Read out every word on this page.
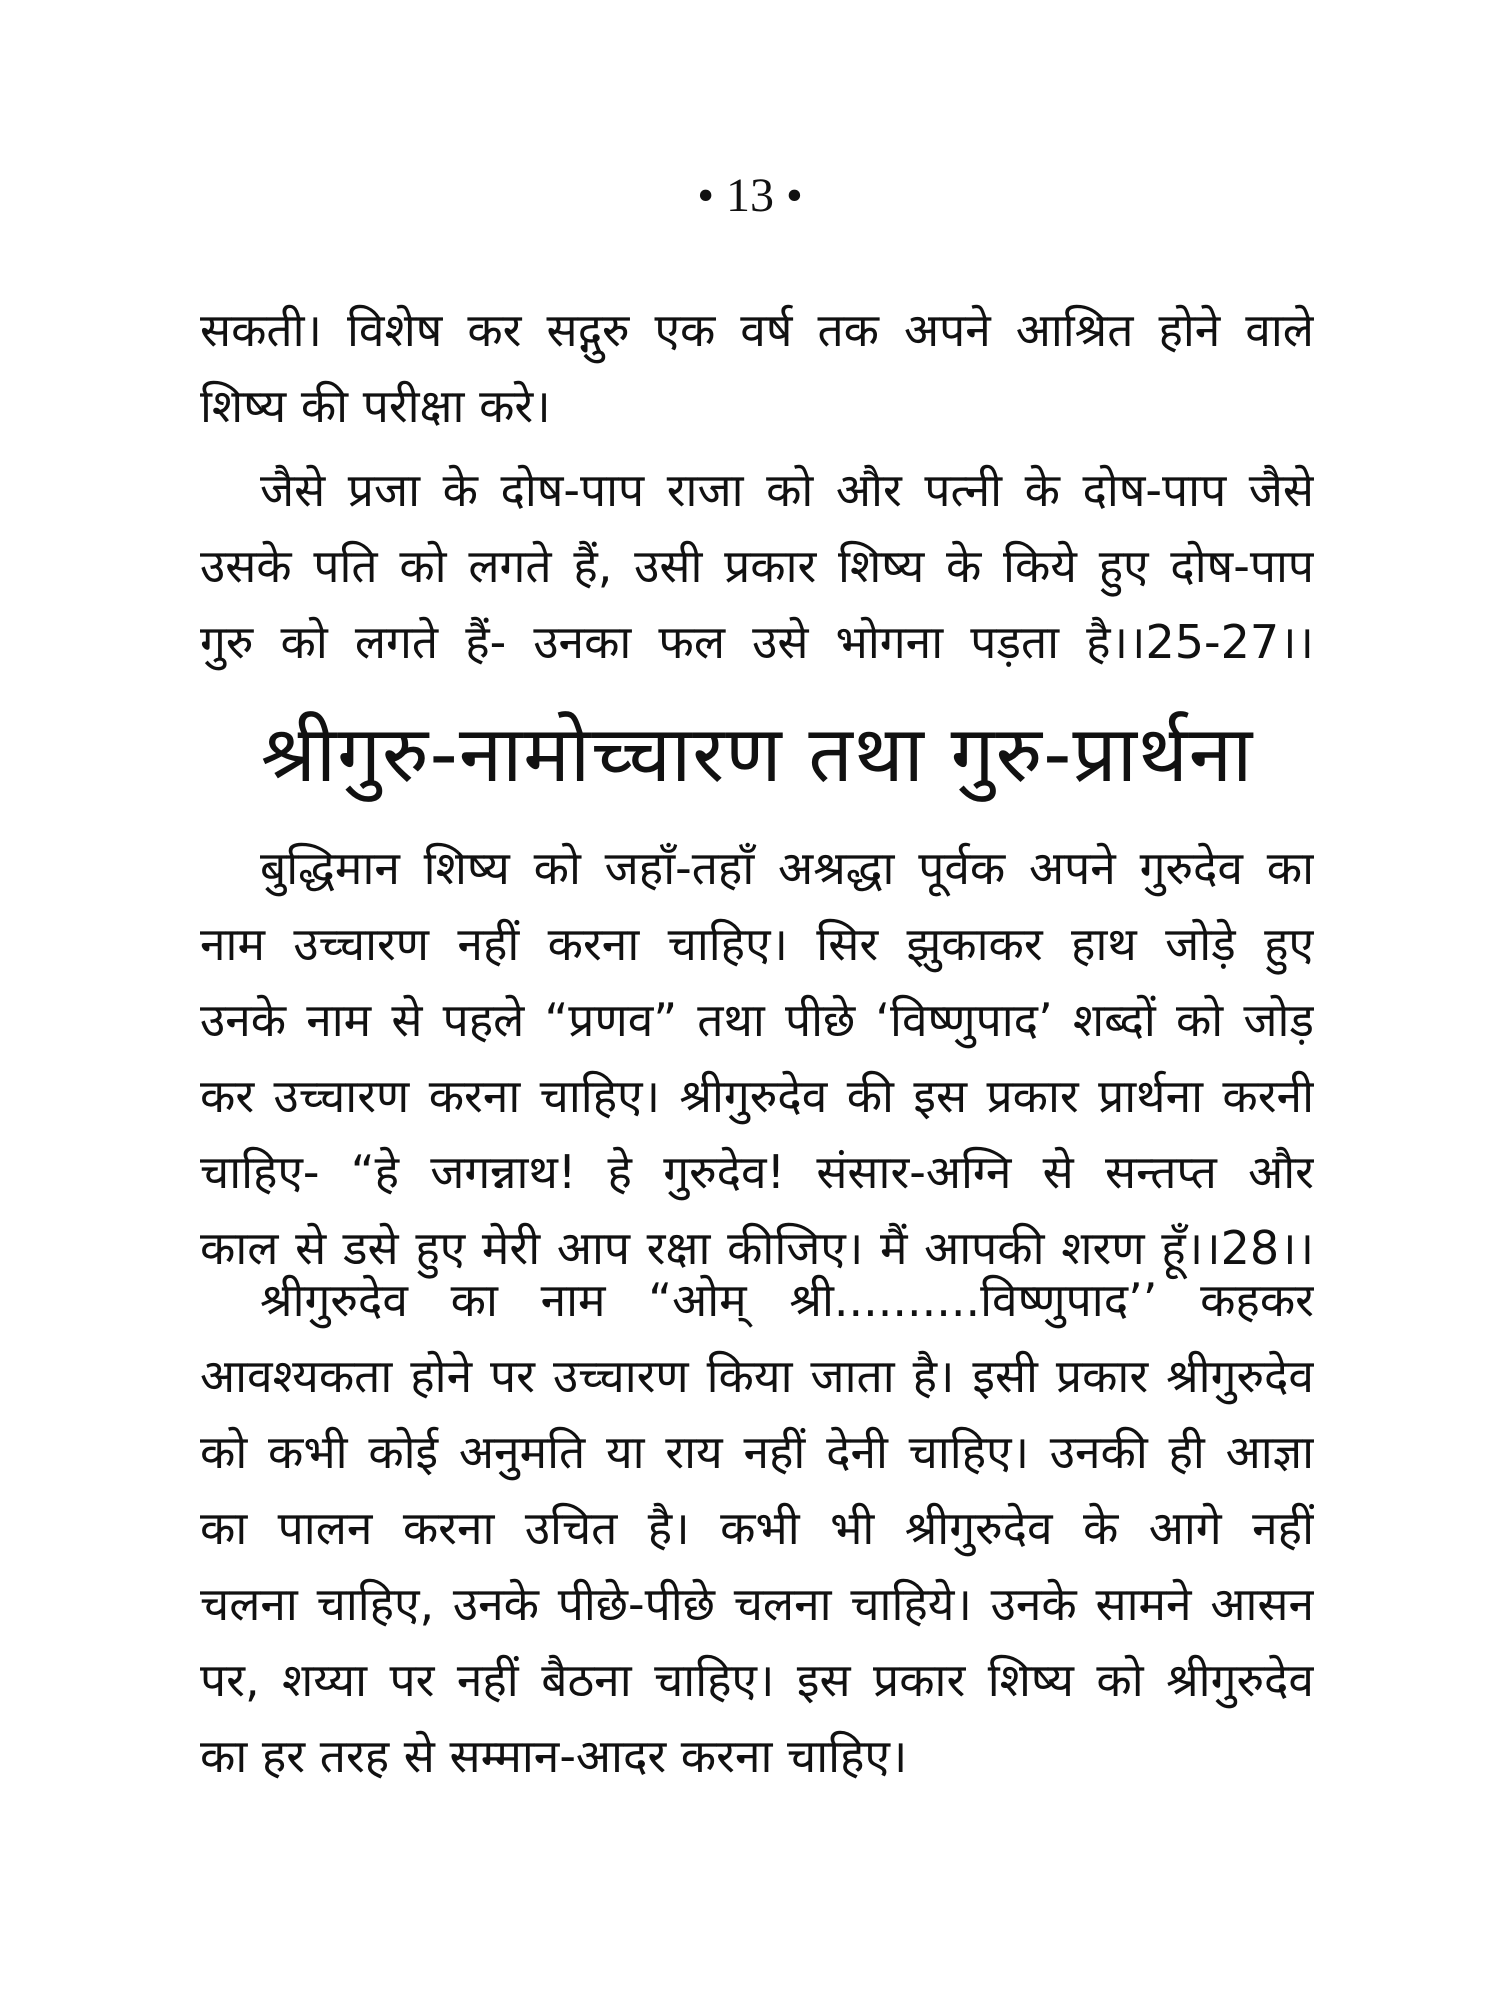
• 13 •
सकती। विशेष कर सद्गुरु एक वर्ष तक अपने आश्रित होने वाले
शिष्य की परीक्षा करे।
जैसे प्रजा के दोष-पाप राजा को और पत्नी के दोष-पाप जैसे
उसके पति को लगते हैं, उसी प्रकार शिष्य के किये हुए दोष-पाप
गुरु को लगते हैं- उनका फल उसे भोगना पड़ता है।।25-27।।
श्रीगुरु-नामोच्चारण तथा गुरु-प्रार्थना
बुद्धिमान शिष्य को जहाँ-तहाँ अश्रद्धा पूर्वक अपने गुरुदेव का
नाम उच्चारण नहीं करना चाहिए। सिर झुकाकर हाथ जोड़े हुए
उनके नाम से पहले “प्रणव” तथा पीछे ‘विष्णुपाद’ शब्दों को जोड़
कर उच्चारण करना चाहिए। श्रीगुरुदेव की इस प्रकार प्रार्थना करनी
चाहिए- “हे जगन्नाथ! हे गुरुदेव! संसार-अग्नि से सन्तप्त और
काल से डसे हुए मेरी आप रक्षा कीजिए। मैं आपकी शरण हूँ।।28।।
श्रीगुरुदेव का नाम “ओम् श्री..........विष्णुपाद’’ कहकर
आवश्यकता होने पर उच्चारण किया जाता है। इसी प्रकार श्रीगुरुदेव
को कभी कोई अनुमति या राय नहीं देनी चाहिए। उनकी ही आज्ञा
का पालन करना उचित है। कभी भी श्रीगुरुदेव के आगे नहीं
चलना चाहिए, उनके पीछे-पीछे चलना चाहिये। उनके सामने आसन
पर, शय्या पर नहीं बैठना चाहिए। इस प्रकार शिष्य को श्रीगुरुदेव
का हर तरह से सम्मान-आदर करना चाहिए।
